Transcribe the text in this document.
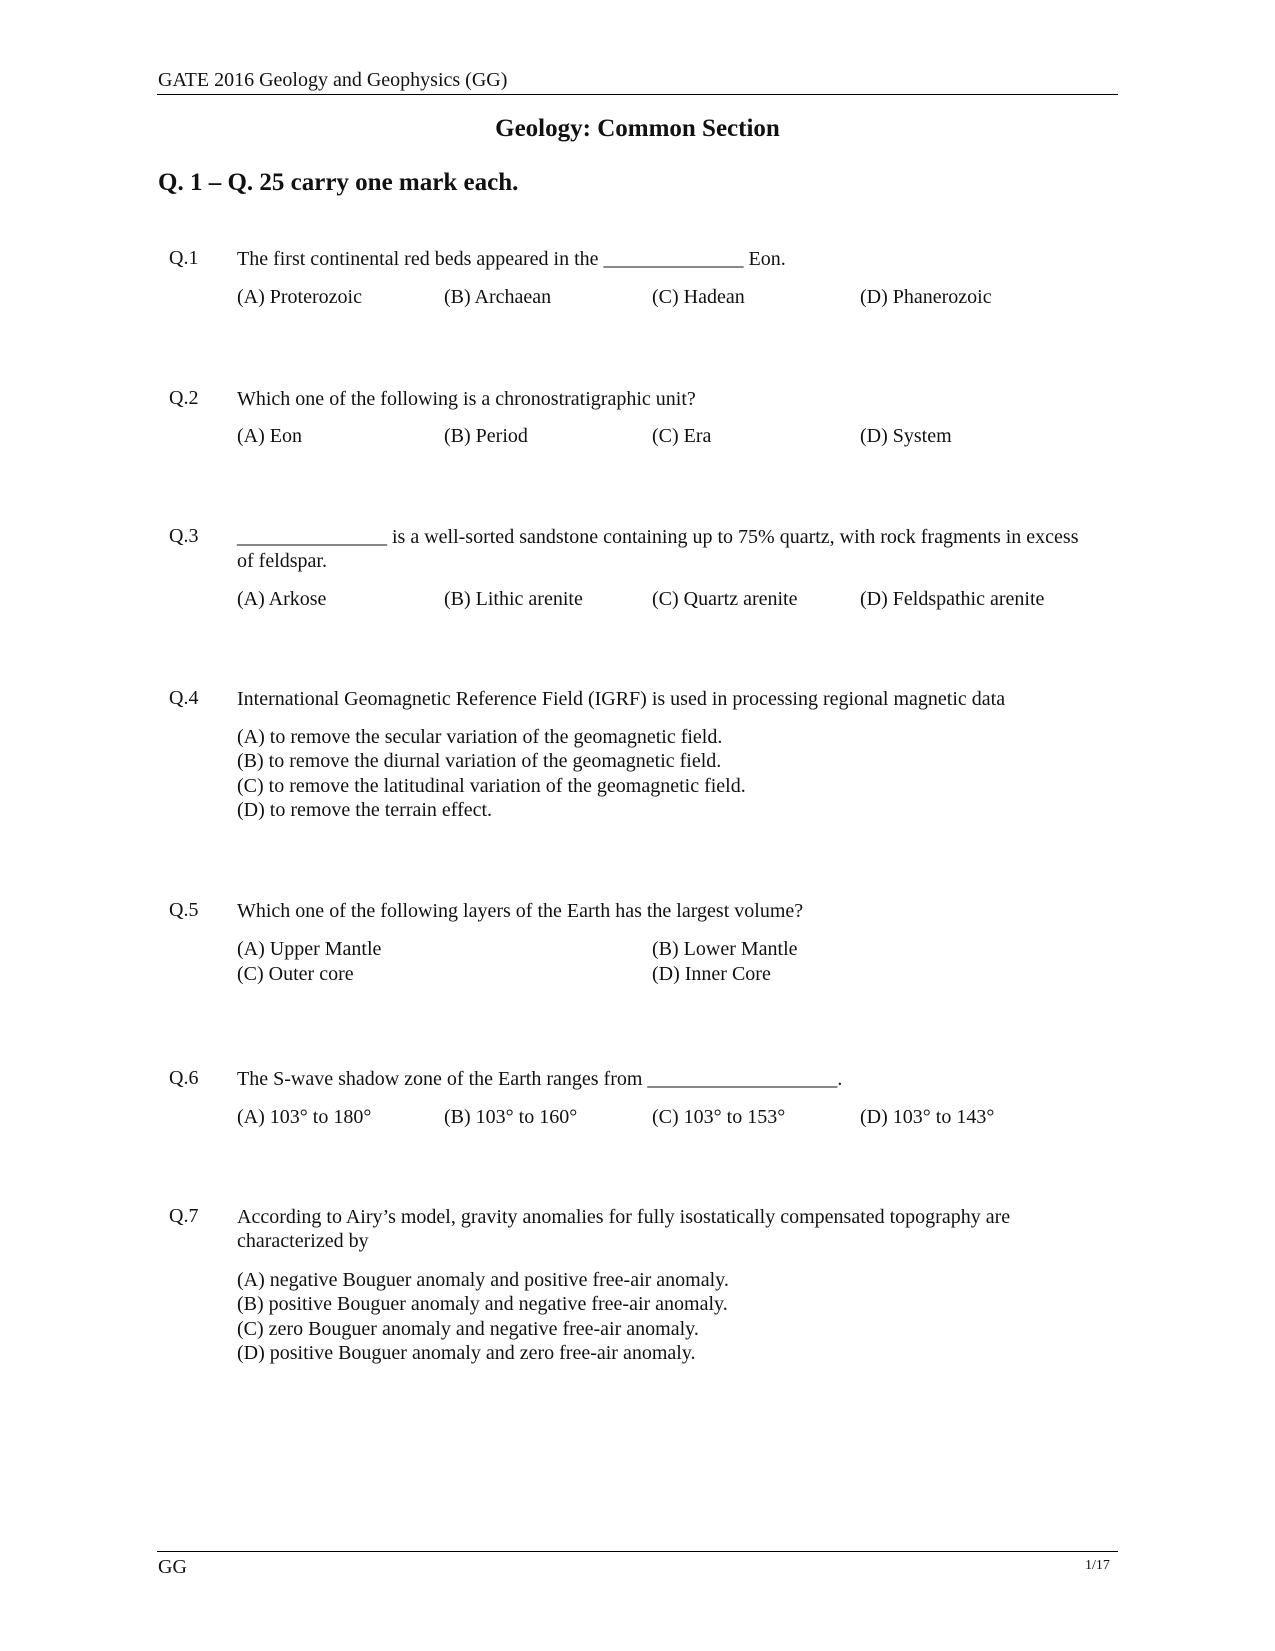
GATE 2016 Geology and Geophysics (GG)
Geology: Common Section
Q. 1 – Q. 25 carry one mark each.
Q.1 The first continental red beds appeared in the ______________ Eon.
(A) Proterozoic	(B) Archaean	(C) Hadean	(D) Phanerozoic
Q.2 Which one of the following is a chronostratigraphic unit?
(A) Eon	(B) Period	(C) Era	(D) System
Q.3 _______________ is a well-sorted sandstone containing up to 75% quartz, with rock fragments in excess of feldspar.
(A) Arkose	(B) Lithic arenite	(C) Quartz arenite	(D) Feldspathic arenite
Q.4 International Geomagnetic Reference Field (IGRF) is used in processing regional magnetic data
(A) to remove the secular variation of the geomagnetic field.
(B) to remove the diurnal variation of the geomagnetic field.
(C) to remove the latitudinal variation of the geomagnetic field.
(D) to remove the terrain effect.
Q.5 Which one of the following layers of the Earth has the largest volume?
(A) Upper Mantle	(B) Lower Mantle
(C) Outer core	(D) Inner Core
Q.6 The S-wave shadow zone of the Earth ranges from ___________________.
(A) 103° to 180°	(B) 103° to 160°	(C) 103° to 153°	(D) 103° to 143°
Q.7 According to Airy’s model, gravity anomalies for fully isostatically compensated topography are characterized by
(A) negative Bouguer anomaly and positive free-air anomaly.
(B) positive Bouguer anomaly and negative free-air anomaly.
(C) zero Bouguer anomaly and negative free-air anomaly.
(D) positive Bouguer anomaly and zero free-air anomaly.
GG	1/17
